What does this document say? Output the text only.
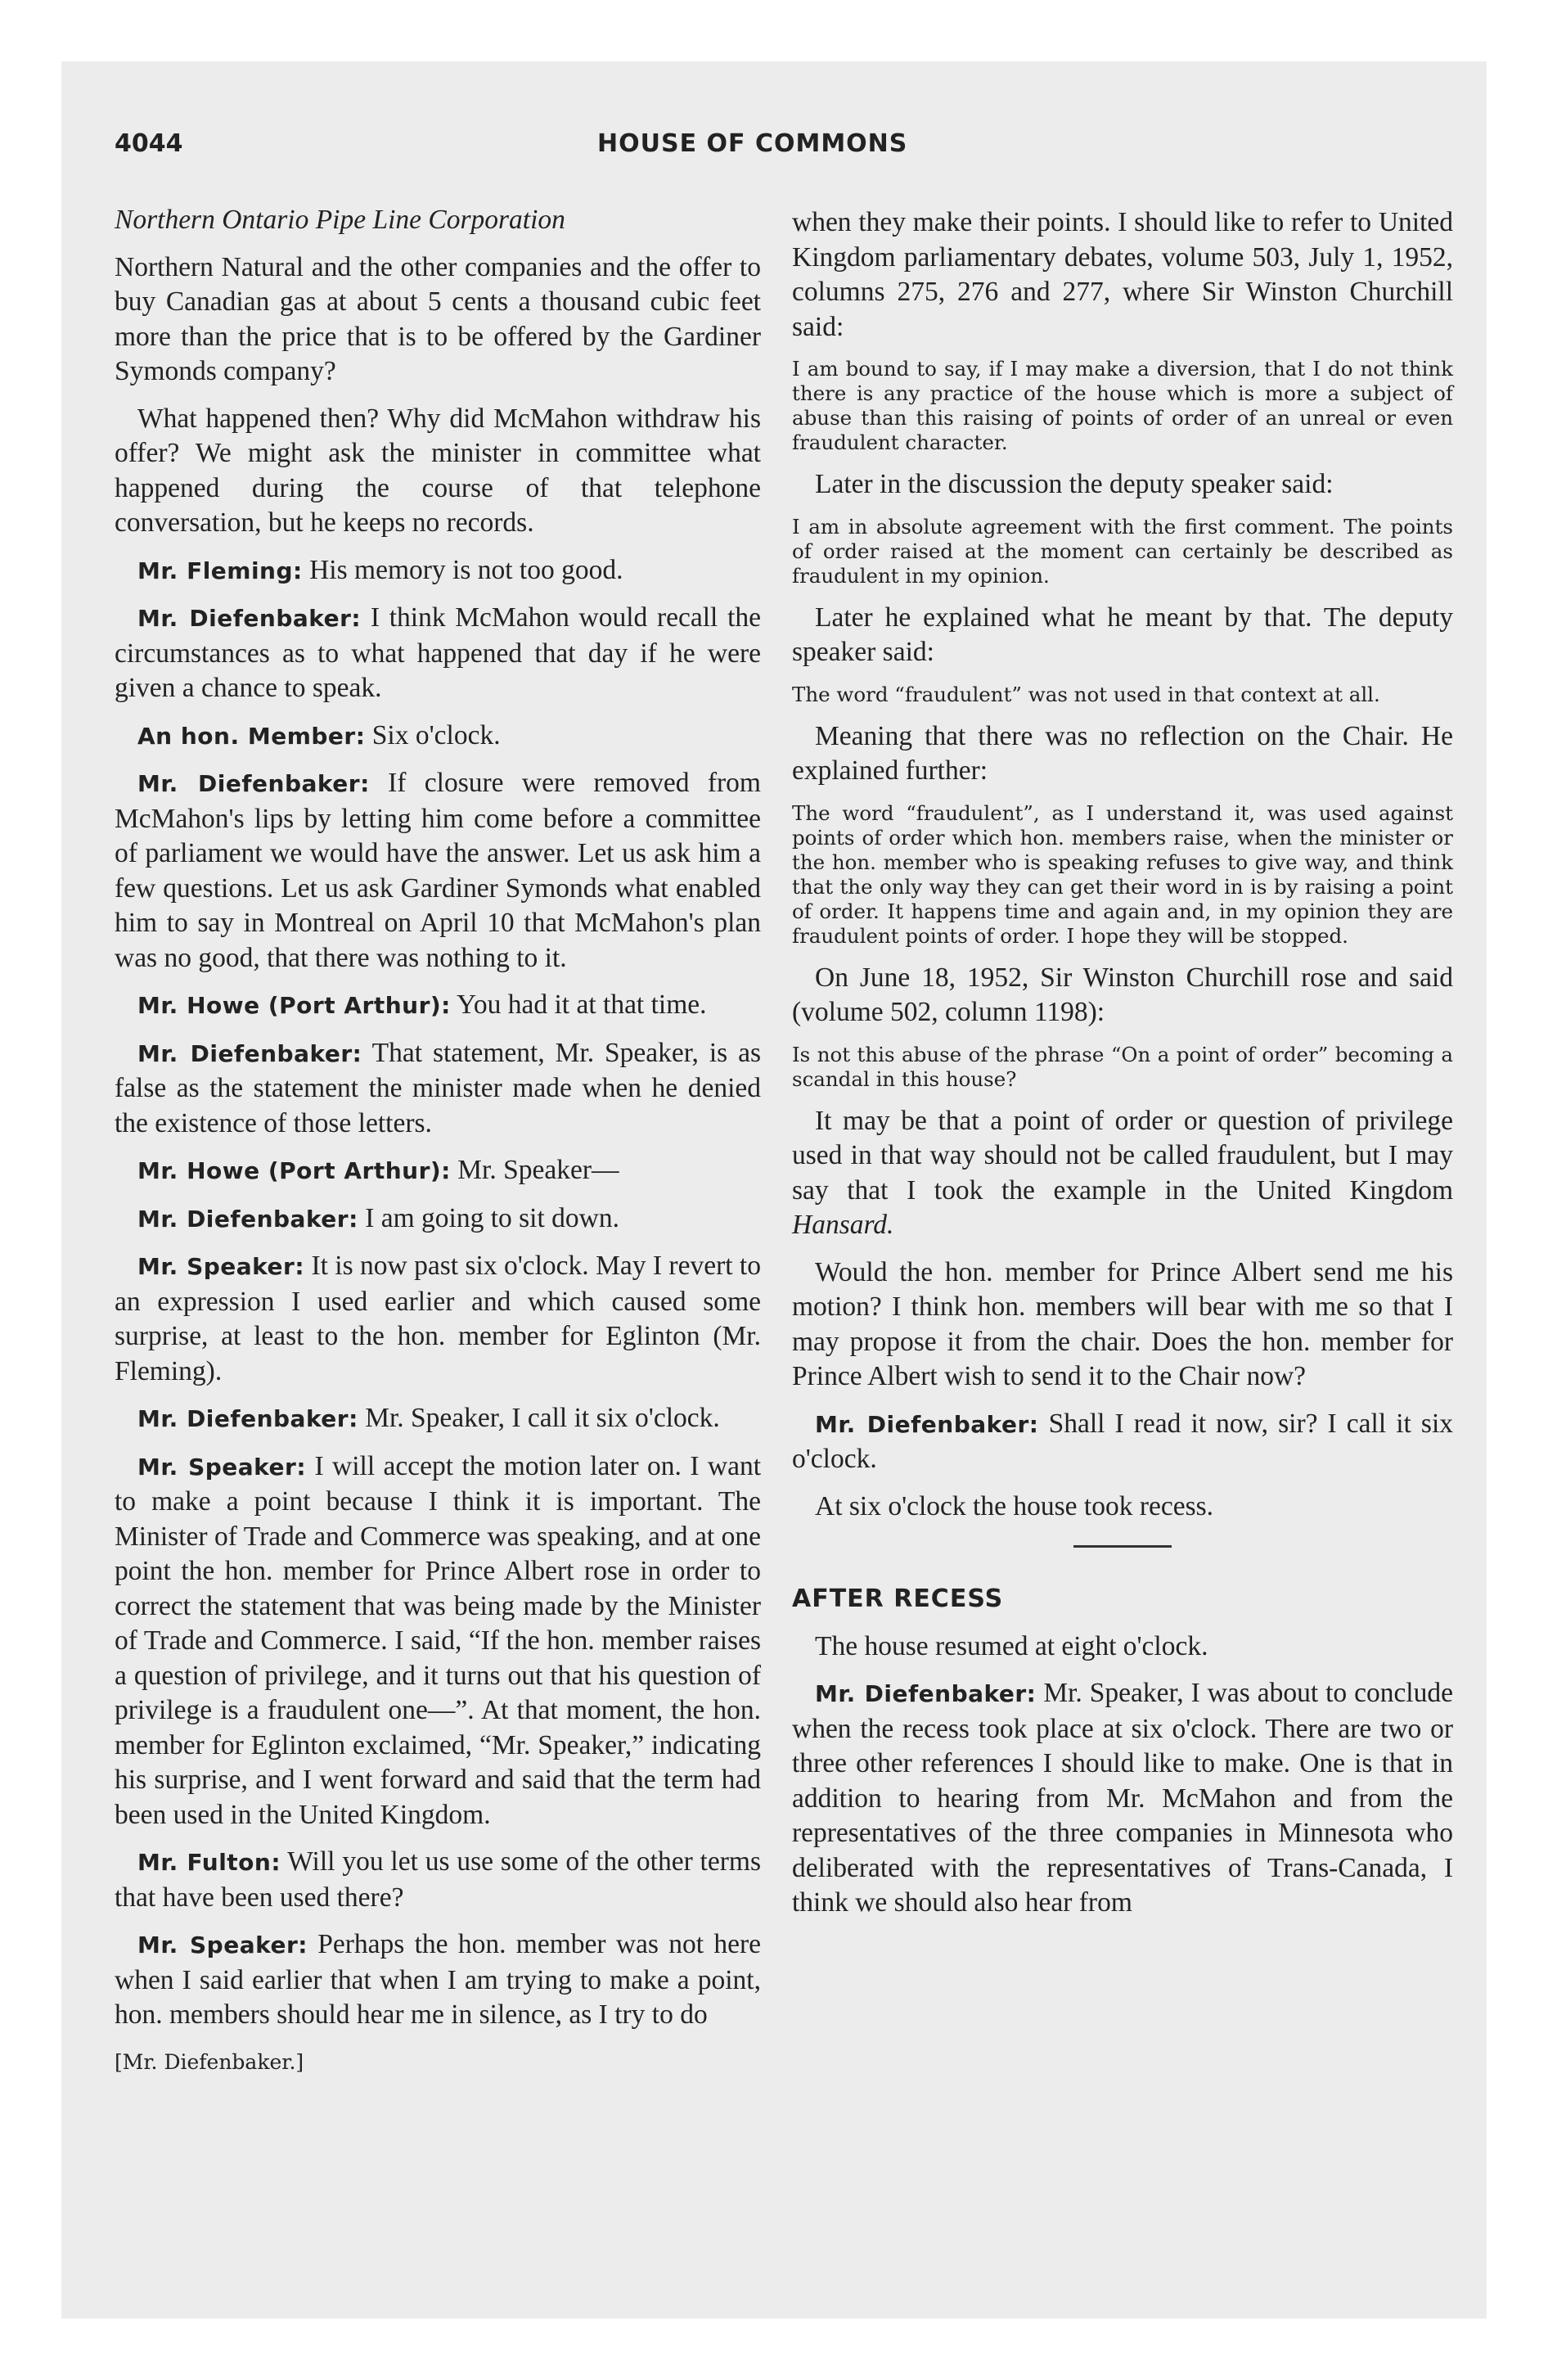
4044	HOUSE OF COMMONS

Northern Ontario Pipe Line Corporation

Northern Natural and the other companies and the offer to buy Canadian gas at about 5 cents a thousand cubic feet more than the price that is to be offered by the Gardiner Symonds company?

What happened then? Why did McMahon withdraw his offer? We might ask the minister in committee what happened during the course of that telephone conversation, but he keeps no records.

Mr. Fleming: His memory is not too good.

Mr. Diefenbaker: I think McMahon would recall the circumstances as to what happened that day if he were given a chance to speak.

An hon. Member: Six o'clock.

Mr. Diefenbaker: If closure were removed from McMahon's lips by letting him come before a committee of parliament we would have the answer. Let us ask him a few questions. Let us ask Gardiner Symonds what enabled him to say in Montreal on April 10 that McMahon's plan was no good, that there was nothing to it.

Mr. Howe (Port Arthur): You had it at that time.

Mr. Diefenbaker: That statement, Mr. Speaker, is as false as the statement the minister made when he denied the existence of those letters.

Mr. Howe (Port Arthur): Mr. Speaker—

Mr. Diefenbaker: I am going to sit down.

Mr. Speaker: It is now past six o'clock. May I revert to an expression I used earlier and which caused some surprise, at least to the hon. member for Eglinton (Mr. Fleming).

Mr. Diefenbaker: Mr. Speaker, I call it six o'clock.

Mr. Speaker: I will accept the motion later on. I want to make a point because I think it is important. The Minister of Trade and Commerce was speaking, and at one point the hon. member for Prince Albert rose in order to correct the statement that was being made by the Minister of Trade and Commerce. I said, “If the hon. member raises a question of privilege, and it turns out that his question of privilege is a fraudulent one—”. At that moment, the hon. member for Eglinton exclaimed, “Mr. Speaker,” indicating his surprise, and I went forward and said that the term had been used in the United Kingdom.

Mr. Fulton: Will you let us use some of the other terms that have been used there?

Mr. Speaker: Perhaps the hon. member was not here when I said earlier that when I am trying to make a point, hon. members should hear me in silence, as I try to do

[Mr. Diefenbaker.]

when they make their points. I should like to refer to United Kingdom parliamentary debates, volume 503, July 1, 1952, columns 275, 276 and 277, where Sir Winston Churchill said:

I am bound to say, if I may make a diversion, that I do not think there is any practice of the house which is more a subject of abuse than this raising of points of order of an unreal or even fraudulent character.

Later in the discussion the deputy speaker said:

I am in absolute agreement with the first comment. The points of order raised at the moment can certainly be described as fraudulent in my opinion.

Later he explained what he meant by that. The deputy speaker said:

The word “fraudulent” was not used in that context at all.

Meaning that there was no reflection on the Chair. He explained further:

The word “fraudulent”, as I understand it, was used against points of order which hon. members raise, when the minister or the hon. member who is speaking refuses to give way, and think that the only way they can get their word in is by raising a point of order. It happens time and again and, in my opinion they are fraudulent points of order. I hope they will be stopped.

On June 18, 1952, Sir Winston Churchill rose and said (volume 502, column 1198):

Is not this abuse of the phrase “On a point of order” becoming a scandal in this house?

It may be that a point of order or question of privilege used in that way should not be called fraudulent, but I may say that I took the example in the United Kingdom Hansard.

Would the hon. member for Prince Albert send me his motion? I think hon. members will bear with me so that I may propose it from the chair. Does the hon. member for Prince Albert wish to send it to the Chair now?

Mr. Diefenbaker: Shall I read it now, sir? I call it six o'clock.

At six o'clock the house took recess.

AFTER RECESS

The house resumed at eight o'clock.

Mr. Diefenbaker: Mr. Speaker, I was about to conclude when the recess took place at six o'clock. There are two or three other references I should like to make. One is that in addition to hearing from Mr. McMahon and from the representatives of the three companies in Minnesota who deliberated with the representatives of Trans-Canada, I think we should also hear from
